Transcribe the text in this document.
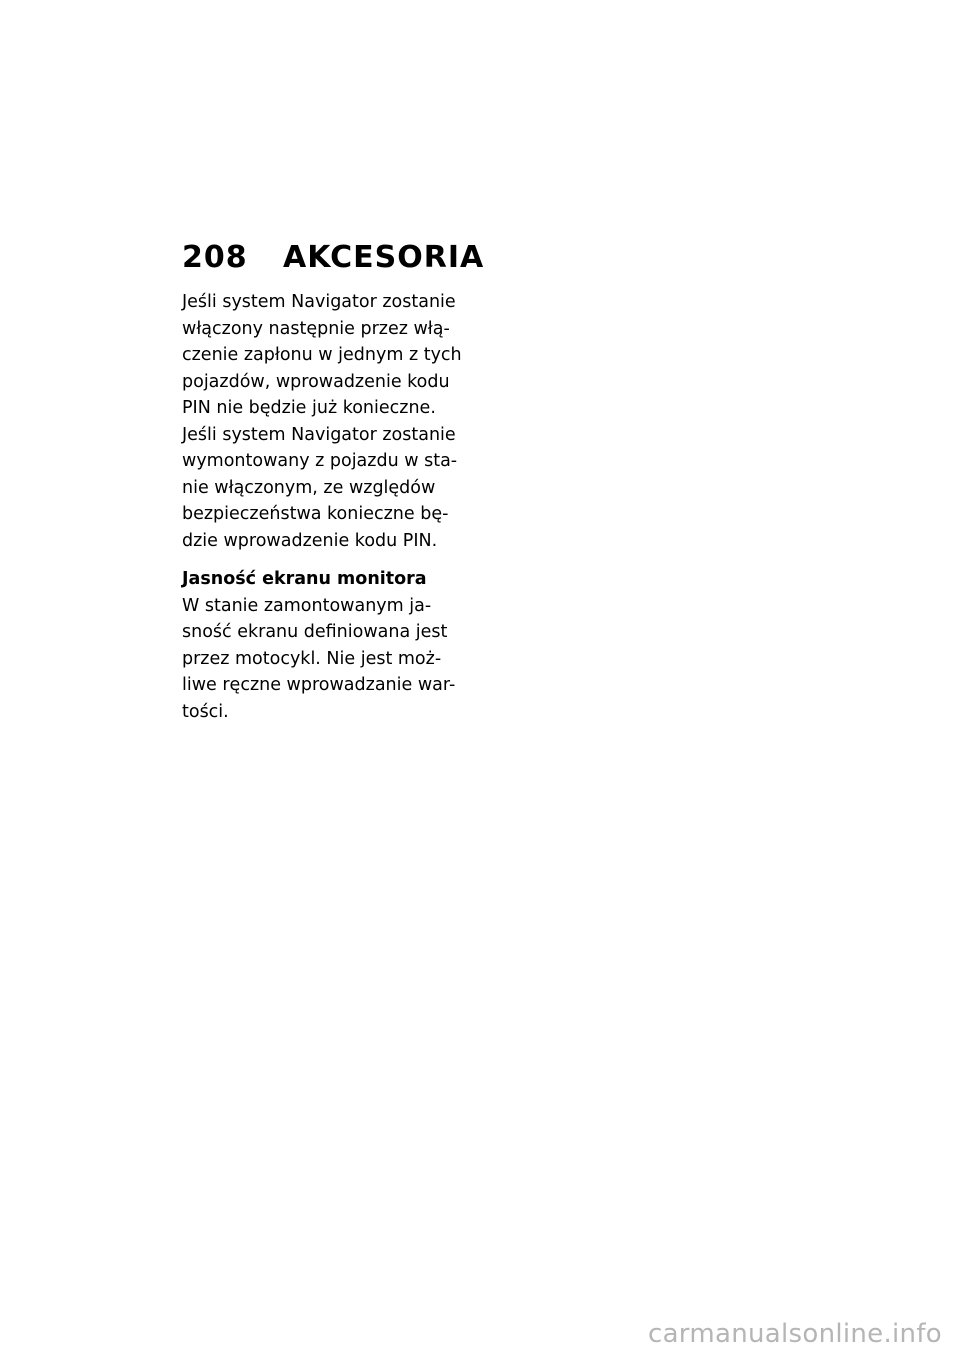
208 AKCESORIA
Jeśli system Navigator zostanie
włączony następnie przez włą-
czenie zapłonu w jednym z tych
pojazdów, wprowadzenie kodu
PIN nie będzie już konieczne.
Jeśli system Navigator zostanie
wymontowany z pojazdu w sta-
nie włączonym, ze względów
bezpieczeństwa konieczne bę-
dzie wprowadzenie kodu PIN.
Jasność ekranu monitora
W stanie zamontowanym ja-
sność ekranu definiowana jest
przez motocykl. Nie jest moż-
liwe ręczne wprowadzanie war-
tości.
carmanualsonline.info
